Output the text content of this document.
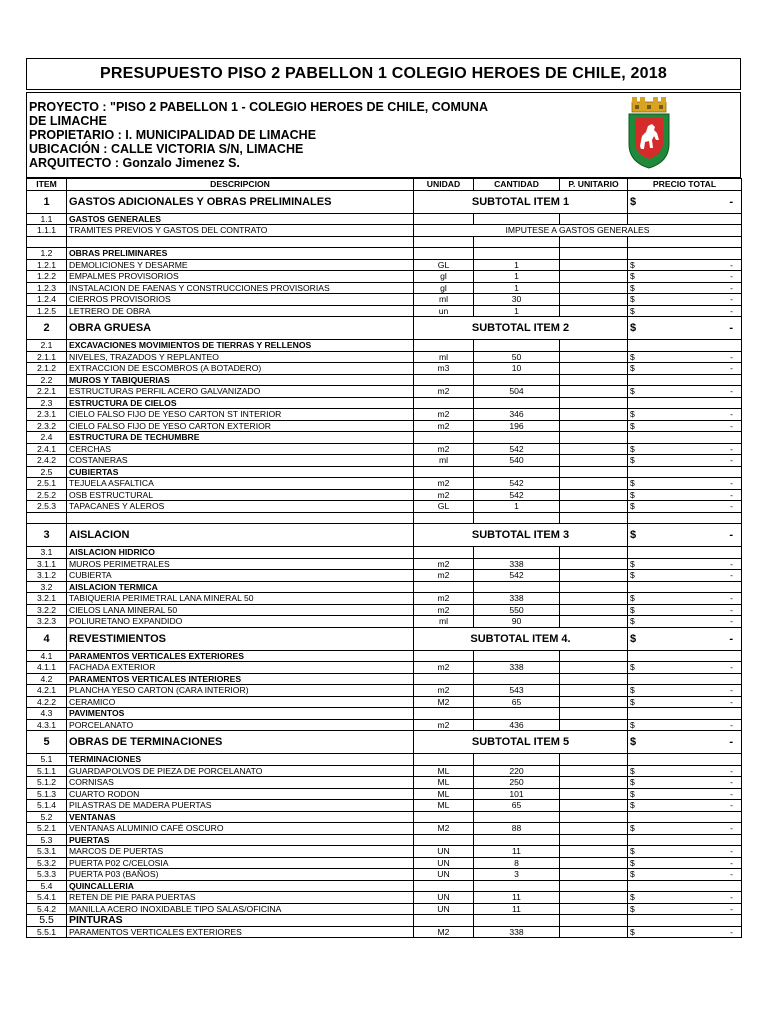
PRESUPUESTO PISO 2 PABELLON 1 COLEGIO HEROES DE CHILE, 2018
PROYECTO : "PISO 2 PABELLON 1 - COLEGIO HEROES DE CHILE, COMUNA
DE LIMACHE
PROPIETARIO : I. MUNICIPALIDAD DE LIMACHE
UBICACIÓN : CALLE VICTORIA S/N, LIMACHE
ARQUITECTO : Gonzalo Jimenez S.
ITEM	DESCRIPCION	UNIDAD	CANTIDAD	P. UNITARIO	PRECIO TOTAL
1	GASTOS ADICIONALES Y OBRAS PRELIMINALES	SUBTOTAL ITEM 1			$ -

1.1	GASTOS GENERALES				
1.1.1	TRAMITES PREVIOS Y GASTOS DEL CONTRATO	IMPUTESE A GASTOS GENERALES			

1.2	OBRAS PRELIMINARES				
1.2.1	DEMOLICIONES Y DESARME	GL	1		$ -

1.2.2	EMPALMES PROVISORIOS	gl	1		$ -

1.2.3	INSTALACION DE FAENAS Y CONSTRUCCIONES PROVISORIAS	gl	1		$ -

1.2.4	CIERROS PROVISORIOS	ml	30		$ -

1.2.5	LETRERO DE OBRA	un	1		$ -

2	OBRA GRUESA	SUBTOTAL ITEM 2			$ -

2.1	EXCAVACIONES MOVIMIENTOS DE TIERRAS Y RELLENOS				
2.1.1	NIVELES, TRAZADOS Y REPLANTEO	ml	50		$ -

2.1.2	EXTRACCION DE ESCOMBROS (A BOTADERO)	m3	10		$ -

2.2	MUROS Y TABIQUERIAS				
2.2.1	ESTRUCTURAS PERFIL ACERO GALVANIZADO	m2	504		$ -

2.3	ESTRUCTURA DE CIELOS				
2.3.1	CIELO FALSO FIJO DE YESO CARTON ST INTERIOR	m2	346		$ -

2.3.2	CIELO FALSO FIJO DE YESO CARTON EXTERIOR	m2	196		$ -

2.4	ESTRUCTURA DE TECHUMBRE				
2.4.1	CERCHAS	m2	542		$ -

2.4.2	COSTANERAS	ml	540		$ -

2.5	CUBIERTAS				
2.5.1	TEJUELA ASFALTICA	m2	542		$ -

2.5.2	OSB ESTRUCTURAL	m2	542		$ -

2.5.3	TAPACANES Y ALEROS	GL	1		$ -

3	AISLACION	SUBTOTAL ITEM 3			$ -

3.1	AISLACION HIDRICO				
3.1.1	MUROS PERIMETRALES	m2	338		$ -

3.1.2	CUBIERTA	m2	542		$ -

3.2	AISLACION TERMICA				
3.2.1	TABIQUERIA PERIMETRAL LANA MINERAL 50	m2	338		$ -

3.2.2	CIELOS LANA MINERAL 50	m2	550		$ -

3.2.3	POLIURETANO EXPANDIDO	ml	90		$ -

4	REVESTIMIENTOS	SUBTOTAL ITEM 4.			$ -

4.1	PARAMENTOS VERTICALES EXTERIORES				
4.1.1	FACHADA EXTERIOR	m2	338		$ -

4.2	PARAMENTOS VERTICALES INTERIORES				
4.2.1	PLANCHA YESO CARTON (CARA INTERIOR)	m2	543		$ -

4.2.2	CERAMICO	M2	65		$ -

4.3	PAVIMENTOS				
4.3.1	PORCELANATO	m2	436		$ -

5	OBRAS DE TERMINACIONES	SUBTOTAL ITEM 5			$ -

5.1	TERMINACIONES				
5.1.1	GUARDAPOLVOS DE PIEZA DE PORCELANATO	ML	220		$ -

5.1.2	CORNISAS	ML	250		$ -

5.1.3	CUARTO RODON	ML	101		$ -

5.1.4	PILASTRAS DE MADERA PUERTAS	ML	65		$ -

5.2	VENTANAS				
5.2.1	VENTANAS ALUMINIO CAFÉ OSCURO	M2	88		$ -

5.3	PUERTAS				
5.3.1	MARCOS DE PUERTAS	UN	11		$ -

5.3.2	PUERTA P02 C/CELOSIA	UN	8		$ -

5.3.3	PUERTA P03 (BAÑOS)	UN	3		$ -

5.4	QUINCALLERIA				
5.4.1	RETEN DE PIE PARA PUERTAS	UN	11		$ -

5.4.2	MANILLA ACERO INOXIDABLE TIPO SALAS/OFICINA	UN	11		$ -

5.5	PINTURAS				
5.5.1	PARAMENTOS VERTICALES EXTERIORES	M2	338		$ -
